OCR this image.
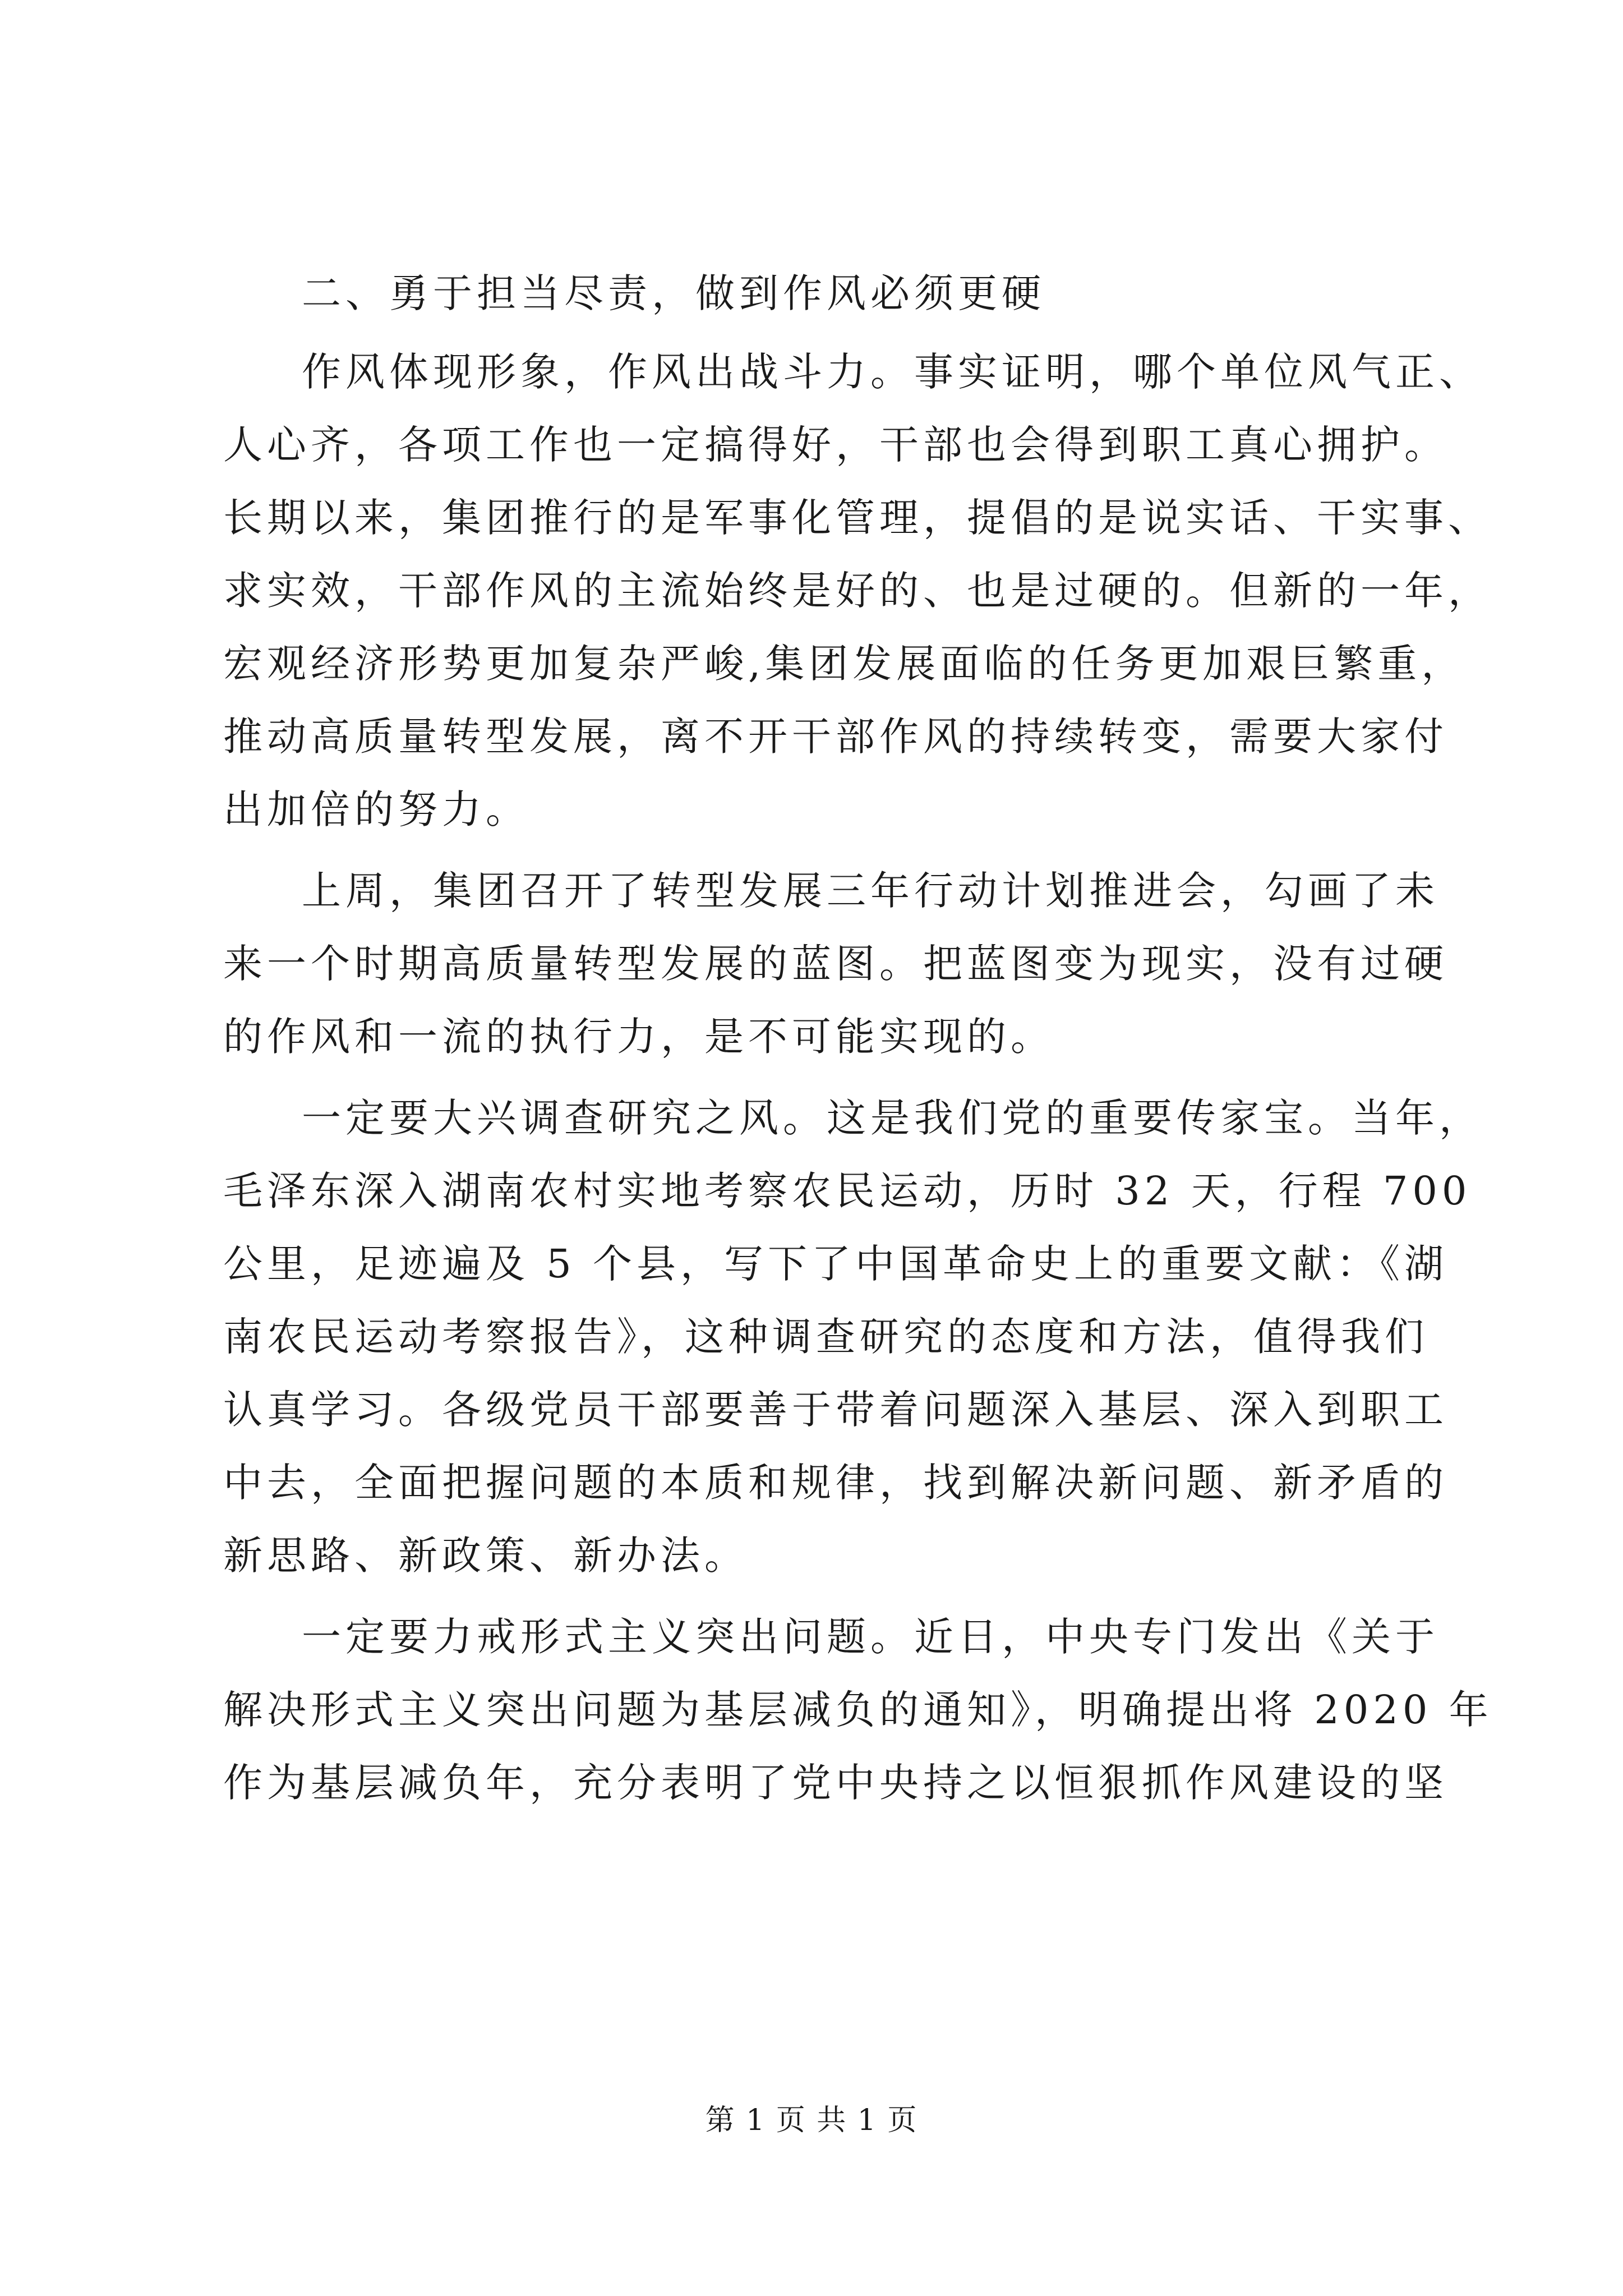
二、勇于担当尽责，做到作风必须更硬
作风体现形象，作风出战斗力。事实证明，哪个单位风气正、
人心齐，各项工作也一定搞得好，干部也会得到职工真心拥护。
长期以来，集团推行的是军事化管理，提倡的是说实话、干实事、
求实效，干部作风的主流始终是好的、也是过硬的。但新的一年，
宏观经济形势更加复杂严峻,集团发展面临的任务更加艰巨繁重，
推动高质量转型发展，离不开干部作风的持续转变，需要大家付
出加倍的努力。
上周，集团召开了转型发展三年行动计划推进会，勾画了未
来一个时期高质量转型发展的蓝图。把蓝图变为现实，没有过硬
的作风和一流的执行力，是不可能实现的。
一定要大兴调查研究之风。这是我们党的重要传家宝。当年，
毛泽东深入湖南农村实地考察农民运动，历时 32 天，行程 700
公里，足迹遍及 5 个县，写下了中国革命史上的重要文献：《湖
南农民运动考察报告》，这种调查研究的态度和方法，值得我们
认真学习。各级党员干部要善于带着问题深入基层、深入到职工
中去，全面把握问题的本质和规律，找到解决新问题、新矛盾的
新思路、新政策、新办法。
一定要力戒形式主义突出问题。近日，中央专门发出《关于
解决形式主义突出问题为基层减负的通知》，明确提出将 2020 年
作为基层减负年，充分表明了党中央持之以恒狠抓作风建设的坚
第 1 页 共 1 页
